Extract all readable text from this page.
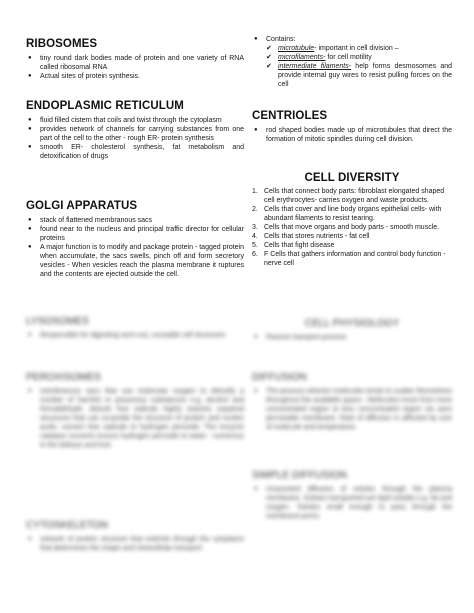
RIBOSOMES
● tiny round dark bodies made of protein and one variety of RNA called ribosomal RNA
● Actual sites of protein synthesis.
ENDOPLASMIC RETICULUM
● fluid filled cistern that coils and twist through the cytoplasm
● provides network of channels for carrying substances from one part of the cell to the other - rough ER- protein synthesis
● smooth ER- cholesterol synthesis, fat metabolism and detoxification of drugs
GOLGI APPARATUS
● stack of flattened membranous sacs
● found near to the nucleus and principal traffic director for cellular proteins
● A major function is to modify and package protein - tagged protein when accumulate, the sacs swells, pinch off and form secretory vesicles - When vesicles reach the plasma membrane it ruptures and the contents are ejected outside the cell.
● Contains:
✔ microtubule- important in cell division –
✔ microfilaments- for cell motility
✔ intermediate filaments- help forms desmosomes and provide internal guy wires to resist pulling forces on the cell
CENTRIOLES
● rod shaped bodies made up of microtubules that direct the formation of mitotic spindles during cell division.
CELL DIVERSITY
1. Cells that connect body parts: fibroblast elongated shaped cell erythrocytes- carries oxygen and waste products.
2. Cells that cover and line body organs epithelial cells- with abundant filaments to resist tearing.
3. Cells that move organs and body parts - smooth muscle.
4. Cells that stores nutrients - fat cell
5. Cells that fight disease
6. F Cells that gathers information and control body function - nerve cell
LYSOSOMES
● Responsible for digesting worn-out, unusable cell structures
PEROXISOMES
● membranous sacs that use molecular oxygen to detoxify a number of harmful or poisonous substances e.g. alcohol and formaldehyde. Absorb free radicals highly reactive unpaired structures that can scramble the structure of protein and nucleic acids. convert free radicals to hydrogen peroxide. The enzyme catalase converts excess hydrogen peroxide to water - numerous in the kidneys and liver.
CYTOSKELETON
● network of protein structure that extends through the cytoplasm that determines the shape and intracellular transport
CELL PHYSIOLOGY
● Passive transport process
DIFFUSION
● The process wherein molecules tends to scatter themselves throughout the available space - Molecules move from more concentrated region to less concentrated region via semi permeable membrane. Rate of diffusion is affected by size of molecule and temperature.
SIMPLE DIFFUSION
● Unassisted diffusion of solutes through the plasma membrane. Solutes transported are lipid soluble e.g. fat and oxygen. Solutes small enough to pass through the membrane pores.
